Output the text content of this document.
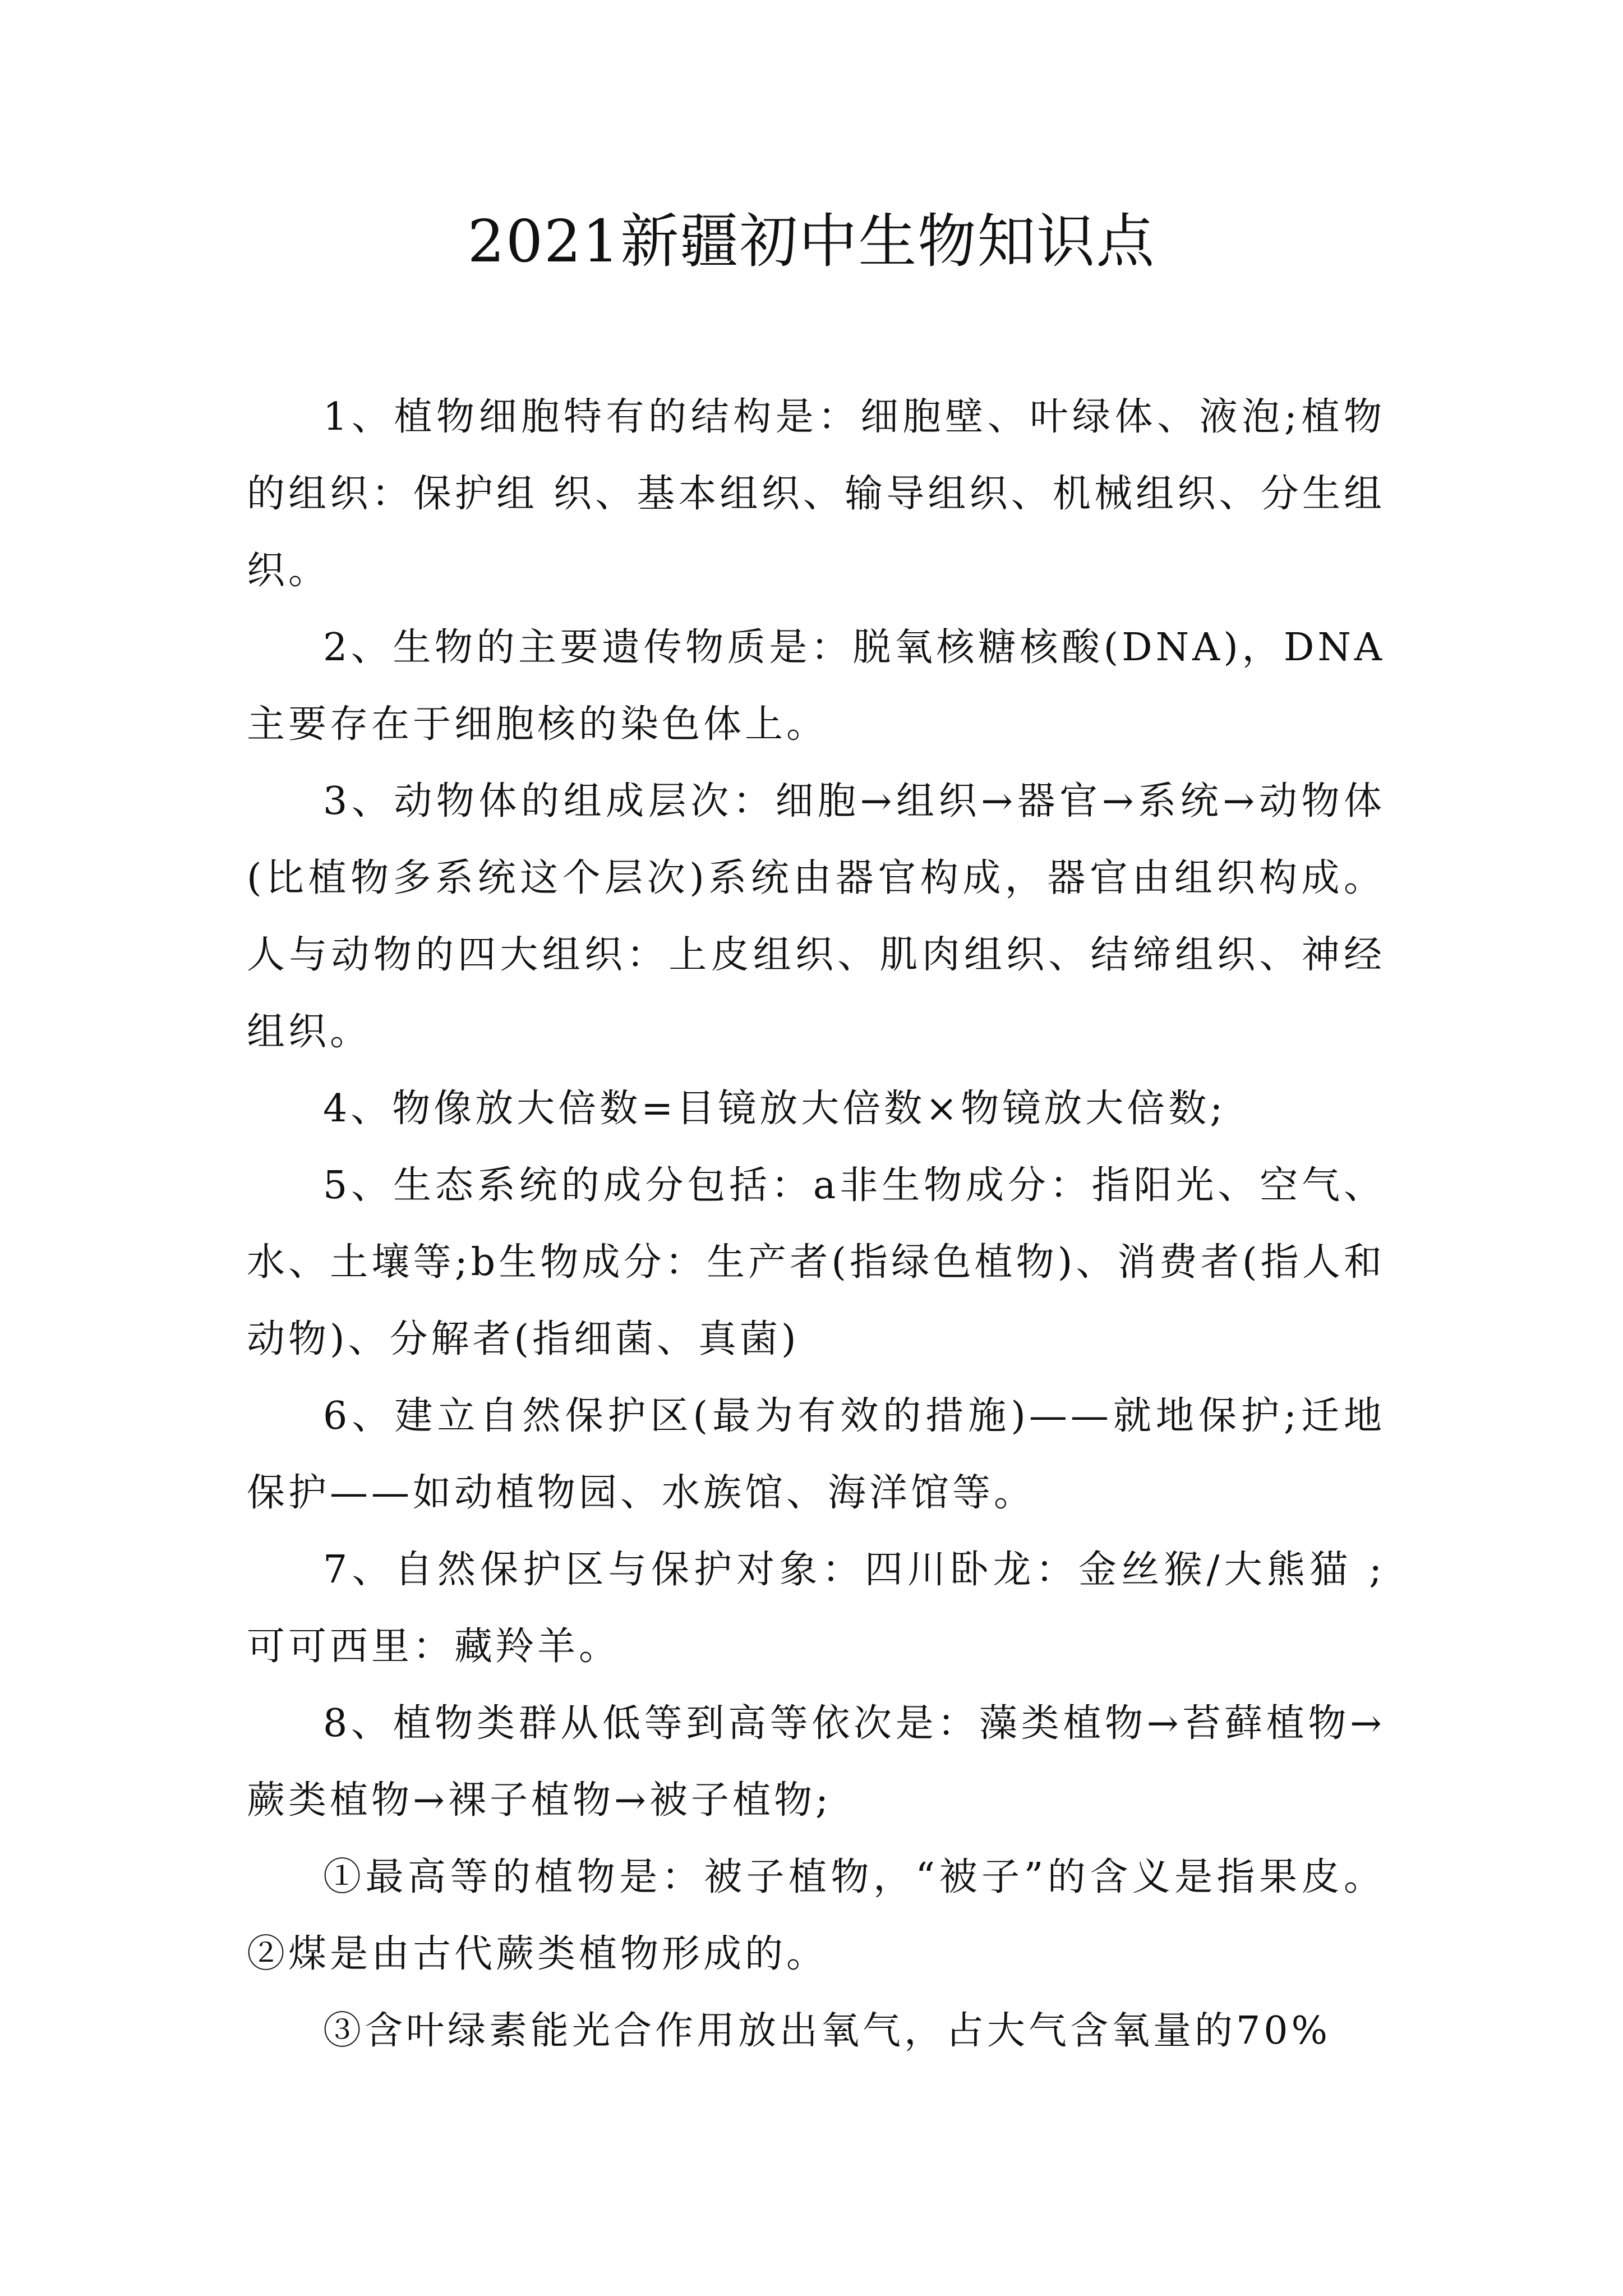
2021新疆初中生物知识点

1、植物细胞特有的结构是：细胞壁、叶绿体、液泡;植物的组织：保护组 织、基本组织、输导组织、机械组织、分生组织。

2、生物的主要遗传物质是：脱氧核糖核酸(DNA)，DNA主要存在于细胞核的染色体上。

3、动物体的组成层次：细胞→组织→器官→系统→动物体(比植物多系统这个层次)系统由器官构成，器官由组织构成。人与动物的四大组织：上皮组织、肌肉组织、结缔组织、神经组织。

4、物像放大倍数=目镜放大倍数×物镜放大倍数;

5、生态系统的成分包括：a非生物成分：指阳光、空气、水、土壤等;b生物成分：生产者(指绿色植物)、消费者(指人和动物)、分解者(指细菌、真菌)

6、建立自然保护区(最为有效的措施)——就地保护;迁地保护——如动植物园、水族馆、海洋馆等。

7、自然保护区与保护对象：四川卧龙：金丝猴/大熊猫 ;可可西里：藏羚羊。

8、植物类群从低等到高等依次是：藻类植物→苔藓植物→蕨类植物→裸子植物→被子植物;

①最高等的植物是：被子植物，“被子”的含义是指果皮。②煤是由古代蕨类植物形成的。

③含叶绿素能光合作用放出氧气，占大气含氧量的70%
